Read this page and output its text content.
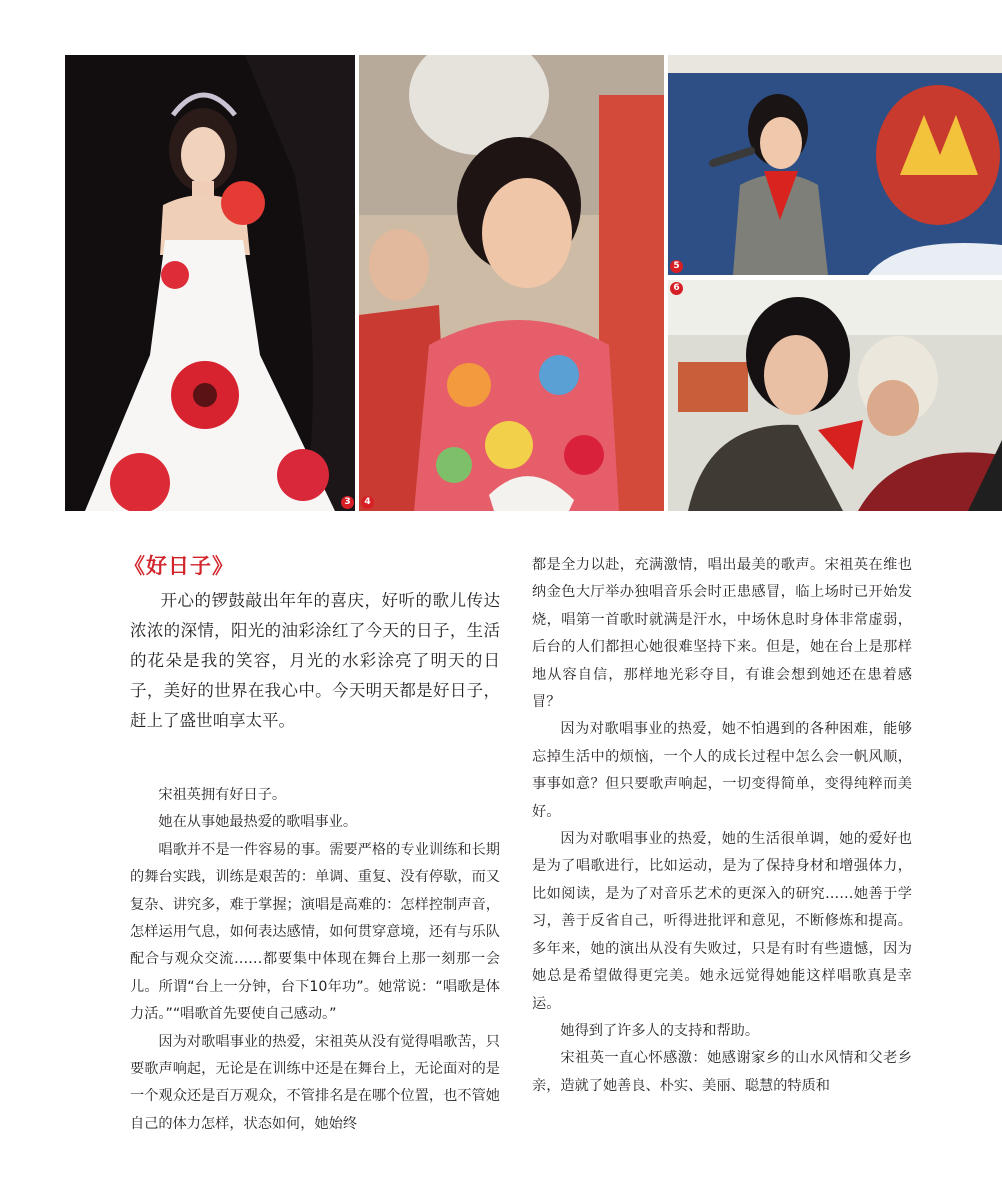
3	4
5
6
《好日子》

开心的锣鼓敲出年年的喜庆，好听的歌儿传达浓浓的深情，阳光的油彩涂红了今天的日子，生活的花朵是我的笑容，月光的水彩涂亮了明天的日子，美好的世界在我心中。今天明天都是好日子，赶上了盛世咱享太平。

宋祖英拥有好日子。

她在从事她最热爱的歌唱事业。

唱歌并不是一件容易的事。需要严格的专业训练和长期的舞台实践，训练是艰苦的：单调、重复、没有停歇，而又复杂、讲究多，难于掌握；演唱是高难的：怎样控制声音，怎样运用气息，如何表达感情，如何贯穿意境，还有与乐队配合与观众交流……都要集中体现在舞台上那一刻那一会儿。所谓“台上一分钟，台下10年功”。她常说：“唱歌是体力活。”“唱歌首先要使自己感动。”

因为对歌唱事业的热爱，宋祖英从没有觉得唱歌苦，只要歌声响起，无论是在训练中还是在舞台上，无论面对的是一个观众还是百万观众，不管排名是在哪个位置，也不管她自己的体力怎样，状态如何，她始终

都是全力以赴，充满激情，唱出最美的歌声。宋祖英在维也纳金色大厅举办独唱音乐会时正患感冒，临上场时已开始发烧，唱第一首歌时就满是汗水，中场休息时身体非常虚弱，后台的人们都担心她很难坚持下来。但是，她在台上是那样地从容自信，那样地光彩夺目，有谁会想到她还在患着感冒？

因为对歌唱事业的热爱，她不怕遇到的各种困难，能够忘掉生活中的烦恼，一个人的成长过程中怎么会一帆风顺，事事如意？但只要歌声响起，一切变得简单，变得纯粹而美好。

因为对歌唱事业的热爱，她的生活很单调，她的爱好也是为了唱歌进行，比如运动，是为了保持身材和增强体力，比如阅读，是为了对音乐艺术的更深入的研究……她善于学习，善于反省自己，听得进批评和意见，不断修炼和提高。多年来，她的演出从没有失败过，只是有时有些遗憾，因为她总是希望做得更完美。她永远觉得她能这样唱歌真是幸运。

她得到了许多人的支持和帮助。

宋祖英一直心怀感激：她感谢家乡的山水风情和父老乡亲，造就了她善良、朴实、美丽、聪慧的特质和
